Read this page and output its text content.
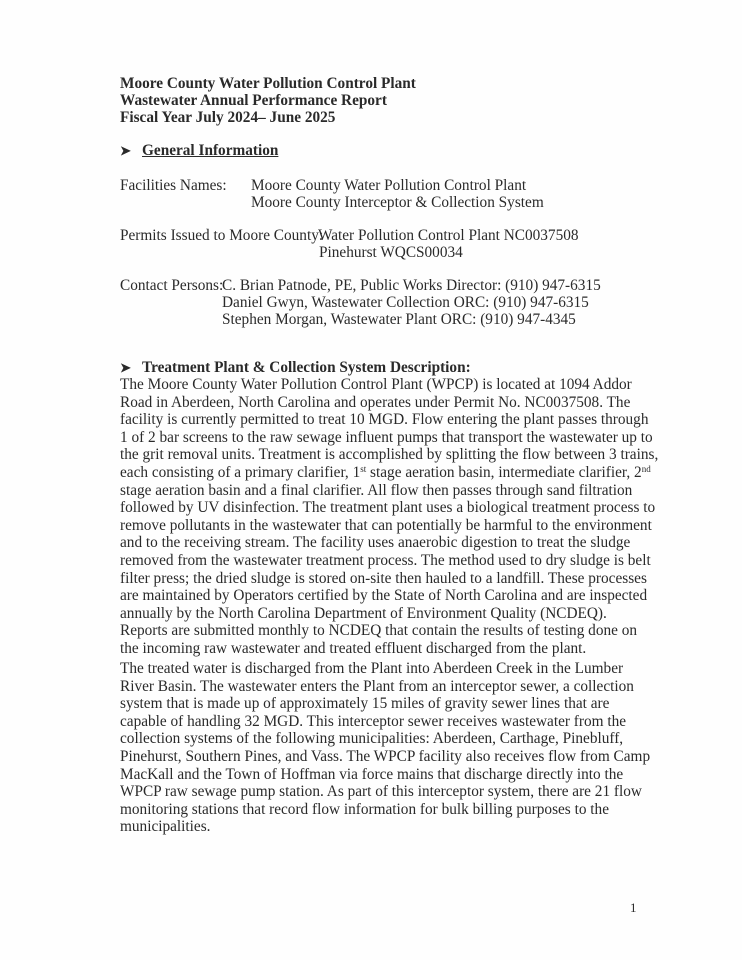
Moore County Water Pollution Control Plant
Wastewater Annual Performance Report
Fiscal Year July 2024– June 2025
➤ General Information
Facilities Names: Moore County Water Pollution Control Plant
Moore County Interceptor & Collection System
Permits Issued to Moore County:
Water Pollution Control Plant NC0037508
Pinehurst WQCS00034
Contact Persons:
C. Brian Patnode, PE, Public Works Director: (910) 947-6315
Daniel Gwyn, Wastewater Collection ORC: (910) 947-6315
Stephen Morgan, Wastewater Plant ORC: (910) 947-4345
➤ Treatment Plant & Collection System Description:
The Moore County Water Pollution Control Plant (WPCP) is located at 1094 Addor
Road in Aberdeen, North Carolina and operates under Permit No. NC0037508. The
facility is currently permitted to treat 10 MGD. Flow entering the plant passes through
1 of 2 bar screens to the raw sewage influent pumps that transport the wastewater up to
the grit removal units. Treatment is accomplished by splitting the flow between 3 trains,
each consisting of a primary clarifier, 1st stage aeration basin, intermediate clarifier, 2nd
stage aeration basin and a final clarifier. All flow then passes through sand filtration
followed by UV disinfection. The treatment plant uses a biological treatment process to
remove pollutants in the wastewater that can potentially be harmful to the environment
and to the receiving stream. The facility uses anaerobic digestion to treat the sludge
removed from the wastewater treatment process. The method used to dry sludge is belt
filter press; the dried sludge is stored on-site then hauled to a landfill. These processes
are maintained by Operators certified by the State of North Carolina and are inspected
annually by the North Carolina Department of Environment Quality (NCDEQ).
Reports are submitted monthly to NCDEQ that contain the results of testing done on
the incoming raw wastewater and treated effluent discharged from the plant.
The treated water is discharged from the Plant into Aberdeen Creek in the Lumber
River Basin. The wastewater enters the Plant from an interceptor sewer, a collection
system that is made up of approximately 15 miles of gravity sewer lines that are
capable of handling 32 MGD. This interceptor sewer receives wastewater from the
collection systems of the following municipalities: Aberdeen, Carthage, Pinebluff,
Pinehurst, Southern Pines, and Vass. The WPCP facility also receives flow from Camp
MacKall and the Town of Hoffman via force mains that discharge directly into the
WPCP raw sewage pump station. As part of this interceptor system, there are 21 flow
monitoring stations that record flow information for bulk billing purposes to the
municipalities.
1
